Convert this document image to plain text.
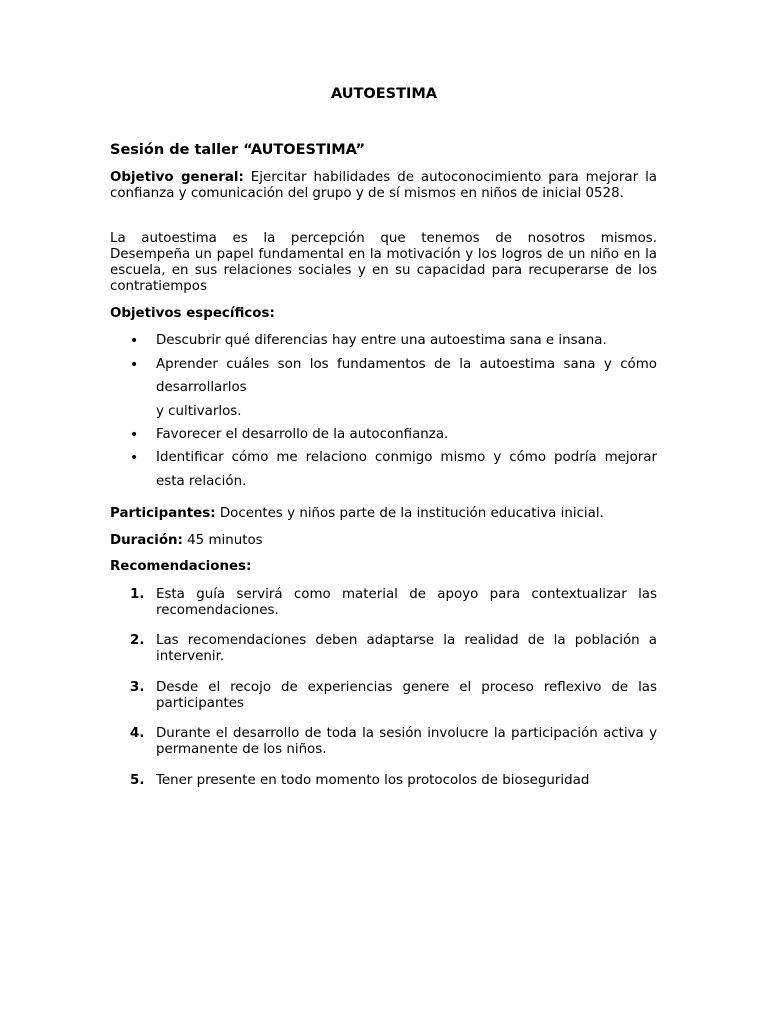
AUTOESTIMA
Sesión de taller “AUTOESTIMA”
Objetivo general: Ejercitar habilidades de autoconocimiento para mejorar la confianza y comunicación del grupo y de sí mismos en niños de inicial 0528.
La autoestima es la percepción que tenemos de nosotros mismos.
Desempeña un papel fundamental en la motivación y los logros de un niño en la escuela, en sus relaciones sociales y en su capacidad para recuperarse de los contratiempos
Objetivos específicos:
•	Descubrir qué diferencias hay entre una autoestima sana e insana.
•	Aprender cuáles son los fundamentos de la autoestima sana y cómo
desarrollarlos
y cultivarlos.
•	Favorecer el desarrollo de la autoconfianza.
•	Identificar cómo me relaciono conmigo mismo y cómo podría mejorar
esta relación.
Participantes: Docentes y niños parte de la institución educativa inicial.
Duración: 45 minutos
Recomendaciones:
1. Esta guía servirá como material de apoyo para contextualizar las recomendaciones.
2. Las recomendaciones deben adaptarse la realidad de la población a intervenir.
3. Desde el recojo de experiencias genere el proceso reflexivo de las participantes
4. Durante el desarrollo de toda la sesión involucre la participación activa y permanente de los niños.
5. Tener presente en todo momento los protocolos de bioseguridad
